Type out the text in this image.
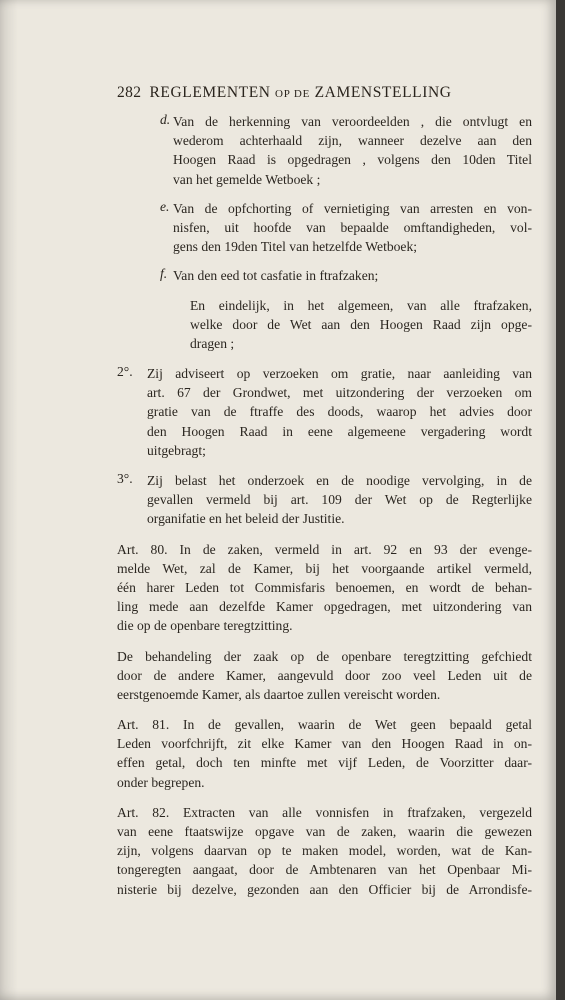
282 REGLEMENTEN OP DE ZAMENSTELLING
d. Van de herkenning van veroordeelden , die ontvlugt en
wederom achterhaald zijn, wanneer dezelve aan den
Hoogen Raad is opgedragen , volgens den 10den Titel
van het gemelde Wetboek ;
e. Van de opfchorting of vernietiging van arresten en von-
nisfen, uit hoofde van bepaalde omftandigheden, vol-
gens den 19den Titel van hetzelfde Wetboek;
f. Van den eed tot casfatie in ftrafzaken;
En eindelijk, in het algemeen, van alle ftrafzaken,
welke door de Wet aan den Hoogen Raad zijn opge-
dragen ;
2°. Zij adviseert op verzoeken om gratie, naar aanleiding van
art. 67 der Grondwet, met uitzondering der verzoeken om
gratie van de ftraffe des doods, waarop het advies door
den Hoogen Raad in eene algemeene vergadering wordt
uitgebragt;
3°. Zij belast het onderzoek en de noodige vervolging, in de
gevallen vermeld bij art. 109 der Wet op de Regterlijke
organifatie en het beleid der Justitie.
Art. 80. In de zaken, vermeld in art. 92 en 93 der evenge-
melde Wet, zal de Kamer, bij het voorgaande artikel vermeld,
één harer Leden tot Commisfaris benoemen, en wordt de behan-
ling mede aan dezelfde Kamer opgedragen, met uitzondering van
die op de openbare teregtzitting.
De behandeling der zaak op de openbare teregtzitting gefchiedt
door de andere Kamer, aangevuld door zoo veel Leden uit de
eerstgenoemde Kamer, als daartoe zullen vereischt worden.
Art. 81. In de gevallen, waarin de Wet geen bepaald getal
Leden voorfchrijft, zit elke Kamer van den Hoogen Raad in on-
effen getal, doch ten minfte met vijf Leden, de Voorzitter daar-
onder begrepen.
Art. 82. Extracten van alle vonnisfen in ftrafzaken, vergezeld
van eene ftaatswijze opgave van de zaken, waarin die gewezen
zijn, volgens daarvan op te maken model, worden, wat de Kan-
tongeregten aangaat, door de Ambtenaren van het Openbaar Mi-
nisterie bij dezelve, gezonden aan den Officier bij de Arrondisfe-
